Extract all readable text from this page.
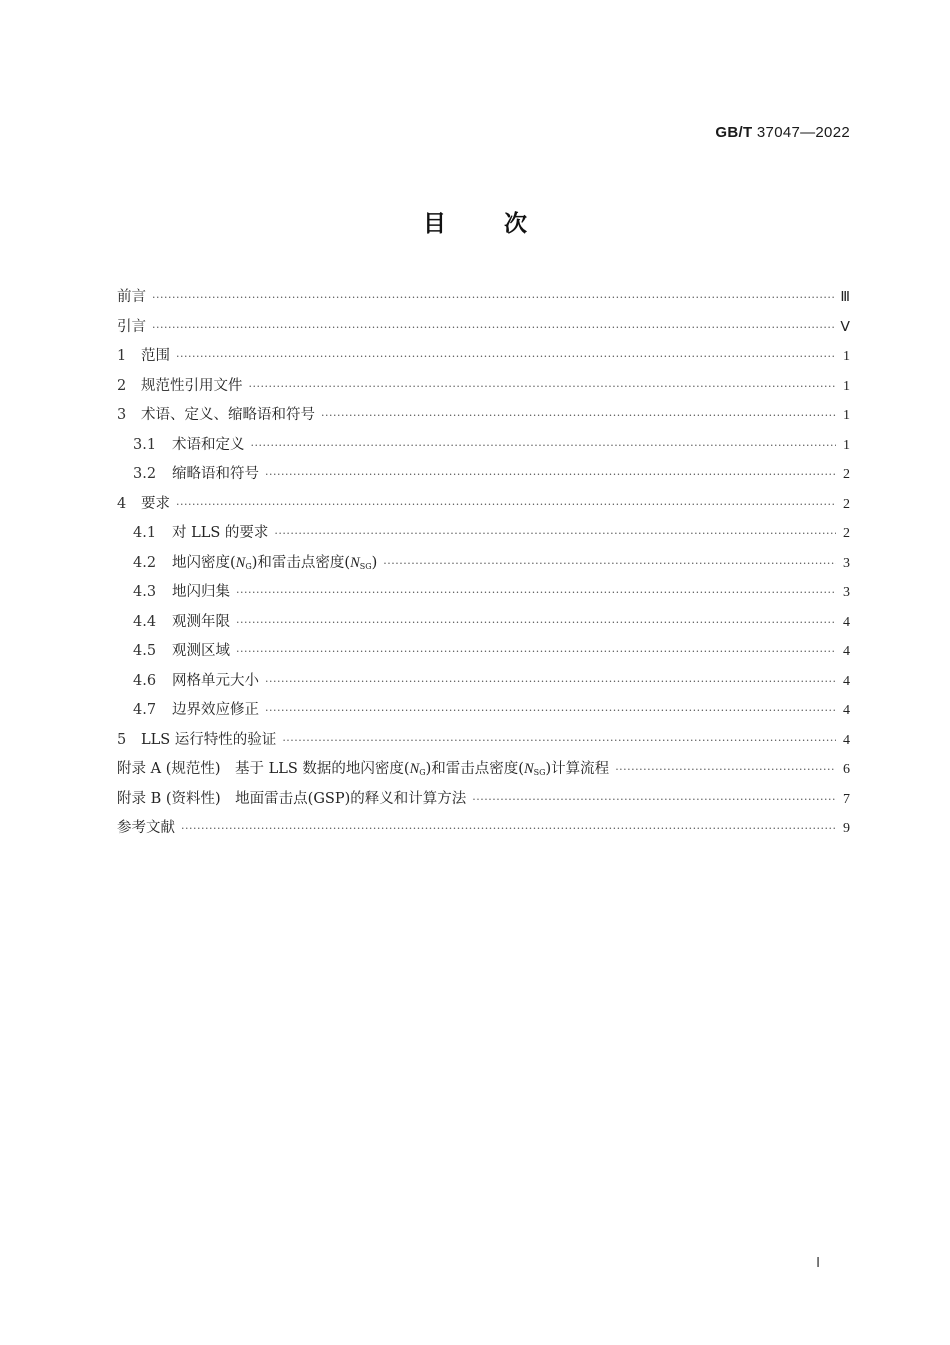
GB/T 37047—2022
目次
前言 ·····	Ⅲ
引言 ·····	Ⅴ
1	范围 ·····	1
2	规范性引用文件 ·····	1
3	术语、定义、缩略语和符号 ·····	1
3.1	术语和定义 ·····	1
3.2	缩略语和符号 ·····	2
4	要求 ·····	2
4.1	对 LLS 的要求 ·····	2
4.2	地闪密度$(N_G)$和雷击点密度$(N_{SG})$ ·····	3
4.3	地闪归集 ·····	3
4.4	观测年限 ·····	4
4.5	观测区域 ·····	4
4.6	网格单元大小 ·····	4
4.7	边界效应修正 ·····	4
5	LLS 运行特性的验证 ·····	4
附录 A (规范性)　基于 LLS 数据的地闪密度$(N_G)$和雷击点密度$(N_{SG})$计算流程 ·····	6
附录 B (资料性)　地面雷击点(GSP)的释义和计算方法 ·····	7
参考文献 ·····	9
Ⅰ
